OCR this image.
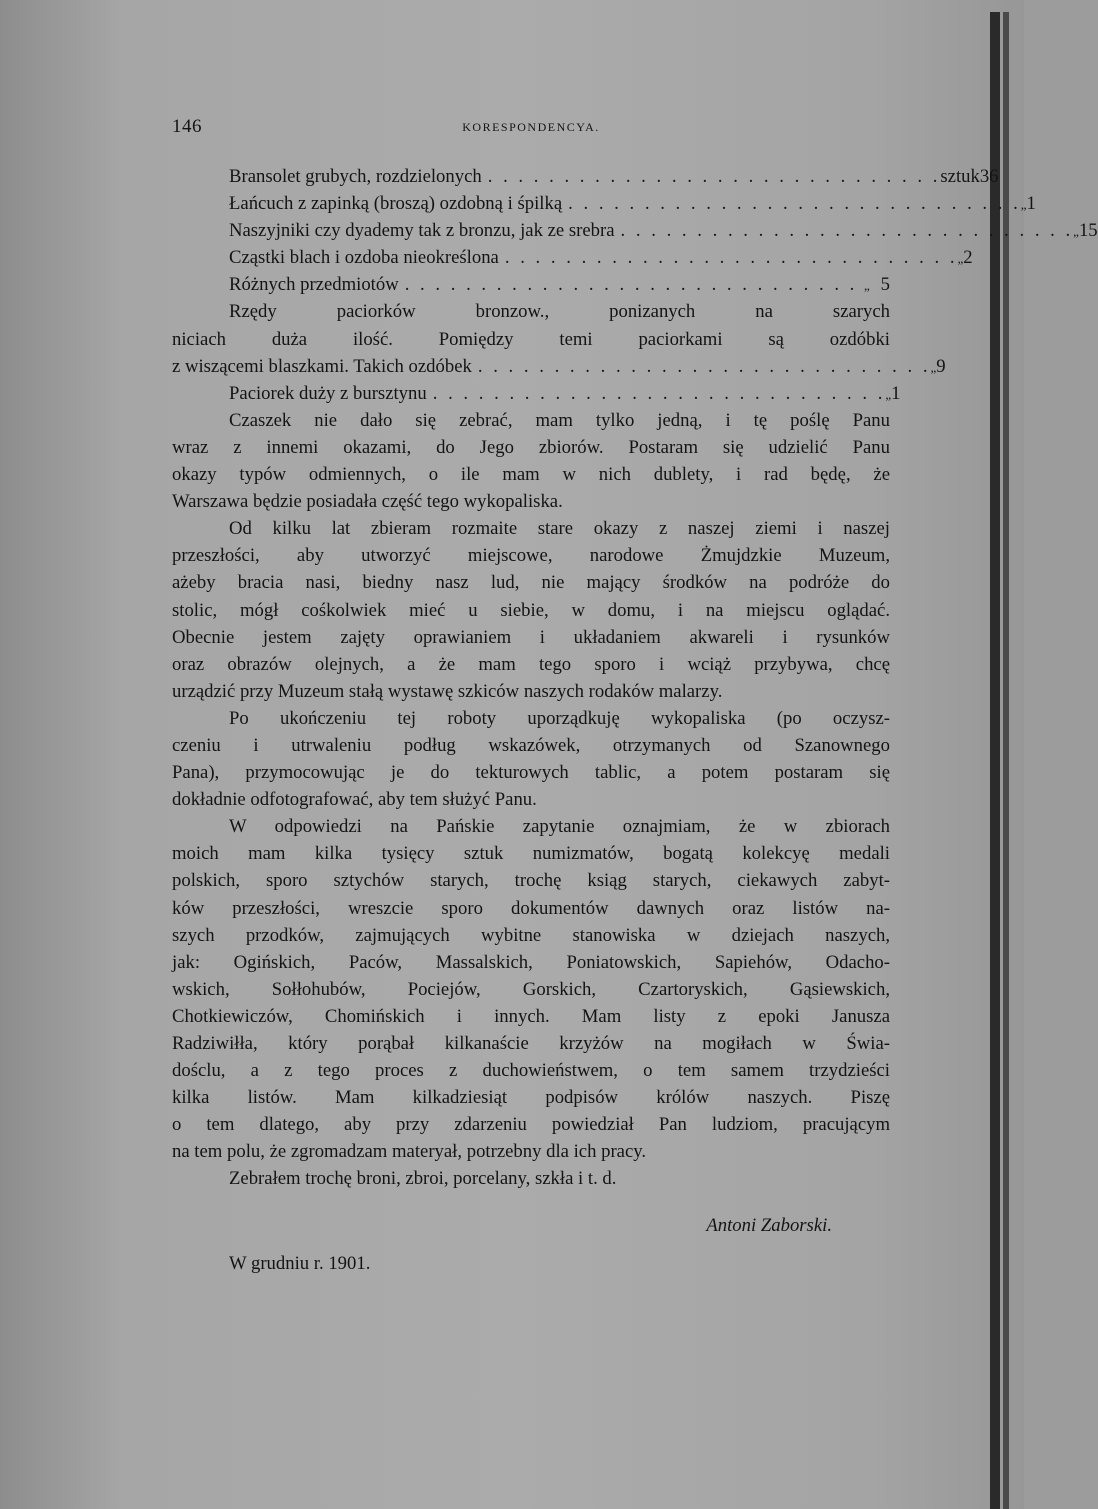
146	KORESPONDENCYA.
Bransolet grubych, rozdzielonych . . . . . . . . . . . . . . . . . . . . . . . . . . . . . . sztuk 36
Łańcuch z zapinką (broszą) ozdobną i śpilką . . . . . . . . . . . . . . . . . . . . . . . . . . . . . . „ 1
Naszyjniki czy dyademy tak z bronzu, jak ze srebra . . . . . . . . . . . . . . . . . . . . . . . . . . . . . . „ 15
Cząstki blach i ozdoba nieokreślona . . . . . . . . . . . . . . . . . . . . . . . . . . . . . . „ 2
Różnych przedmiotów . . . . . . . . . . . . . . . . . . . . . . . . . . . . . . „ 5
Rzędy paciorków bronzow., ponizanych na szarych
niciach duża ilość. Pomiędzy temi paciorkami są ozdóbki
z wiszącemi blaszkami. Takich ozdóbek . . . . . . . . . . . . . . . . . . . . . . . . . . . . . . „ 9
Paciorek duży z bursztynu . . . . . . . . . . . . . . . . . . . . . . . . . . . . . . „ 1
Czaszek nie dało się zebrać, mam tylko jedną, i tę poślę Panu
wraz z innemi okazami, do Jego zbiorów. Postaram się udzielić Panu
okazy typów odmiennych, o ile mam w nich dublety, i rad będę, że
Warszawa będzie posiadała część tego wykopaliska.
Od kilku lat zbieram rozmaite stare okazy z naszej ziemi i naszej
przeszłości, aby utworzyć miejscowe, narodowe Żmujdzkie Muzeum,
ażeby bracia nasi, biedny nasz lud, nie mający środków na podróże do
stolic, mógł cośkolwiek mieć u siebie, w domu, i na miejscu oglądać.
Obecnie jestem zajęty oprawianiem i układaniem akwareli i rysunków
oraz obrazów olejnych, a że mam tego sporo i wciąż przybywa, chcę
urządzić przy Muzeum stałą wystawę szkiców naszych rodaków malarzy.
Po ukończeniu tej roboty uporządkuję wykopaliska (po oczysz-
czeniu i utrwaleniu podług wskazówek, otrzymanych od Szanownego
Pana), przymocowując je do tekturowych tablic, a potem postaram się
dokładnie odfotografować, aby tem służyć Panu.
W odpowiedzi na Pańskie zapytanie oznajmiam, że w zbiorach
moich mam kilka tysięcy sztuk numizmatów, bogatą kolekcyę medali
polskich, sporo sztychów starych, trochę ksiąg starych, ciekawych zabyt-
ków przeszłości, wreszcie sporo dokumentów dawnych oraz listów na-
szych przodków, zajmujących wybitne stanowiska w dziejach naszych,
jak: Ogińskich, Paców, Massalskich, Poniatowskich, Sapiehów, Odacho-
wskich, Sołłohubów, Pociejów, Gorskich, Czartoryskich, Gąsiewskich,
Chotkiewiczów, Chomińskich i innych. Mam listy z epoki Janusza
Radziwiłła, który porąbał kilkanaście krzyżów na mogiłach w Świa-
dośclu, a z tego proces z duchowieństwem, o tem samem trzydzieści
kilka listów. Mam kilkadziesiąt podpisów królów naszych. Piszę
o tem dlatego, aby przy zdarzeniu powiedział Pan ludziom, pracującym
na tem polu, że zgromadzam materyał, potrzebny dla ich pracy.
Zebrałem trochę broni, zbroi, porcelany, szkła i t. d.
Antoni Zaborski.
W grudniu r. 1901.
